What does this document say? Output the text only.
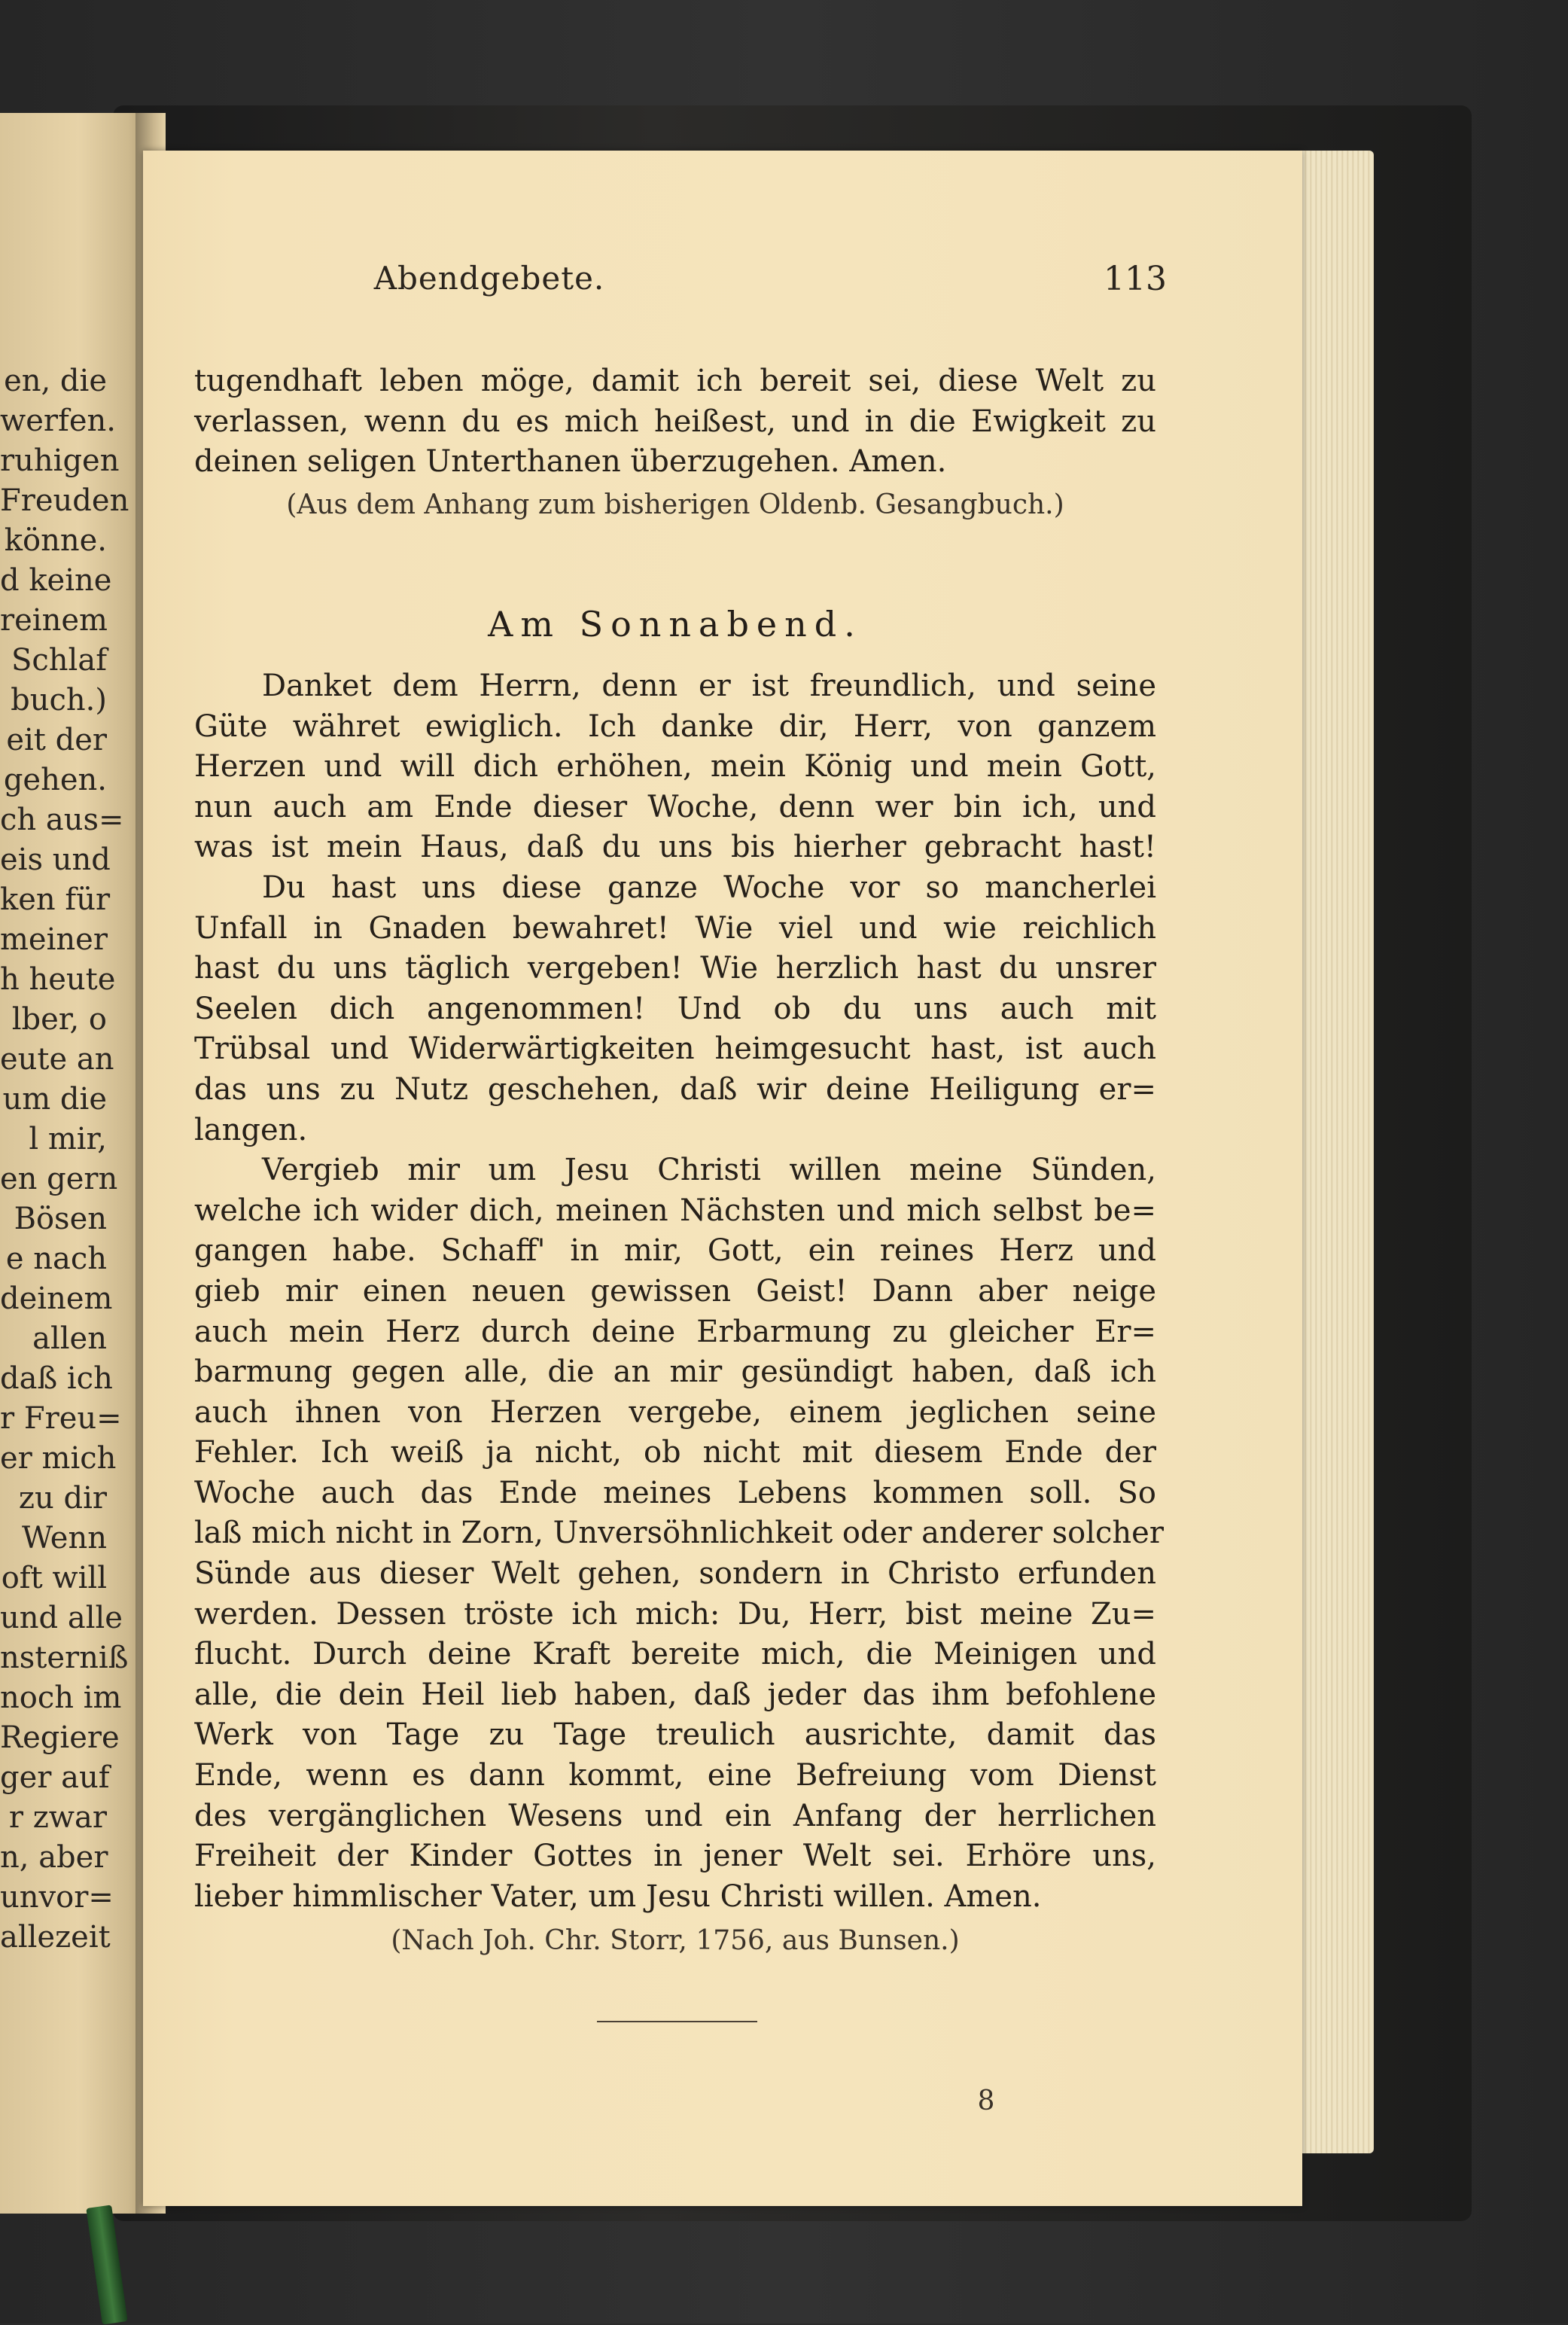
en, die
werfen.
ruhigen
Freuden
könne.
d keine
reinem
Schlaf
buch.)
eit der
gehen.
ch aus=
eis und
ken für
meiner
h heute
lber, o
eute an
um die
l mir,
en gern
Bösen
e nach
deinem
allen
daß ich
r Freu=
er mich
zu dir
Wenn
oft will
und alle
nsterniß
noch im
Regiere
ger auf
r zwar
n, aber
unvor=
allezeit
Abendgebete.	113
tugendhaft leben möge, damit ich bereit sei, diese Welt zu
verlassen, wenn du es mich heißest, und in die Ewigkeit zu
deinen seligen Unterthanen überzugehen. Amen.
(Aus dem Anhang zum bisherigen Oldenb. Gesangbuch.)
Am Sonnabend.
Danket dem Herrn, denn er ist freundlich, und seine
Güte währet ewiglich. Ich danke dir, Herr, von ganzem
Herzen und will dich erhöhen, mein König und mein Gott,
nun auch am Ende dieser Woche, denn wer bin ich, und
was ist mein Haus, daß du uns bis hierher gebracht hast!
Du hast uns diese ganze Woche vor so mancherlei
Unfall in Gnaden bewahret! Wie viel und wie reichlich
hast du uns täglich vergeben! Wie herzlich hast du unsrer
Seelen dich angenommen! Und ob du uns auch mit
Trübsal und Widerwärtigkeiten heimgesucht hast, ist auch
das uns zu Nutz geschehen, daß wir deine Heiligung er=
langen.
Vergieb mir um Jesu Christi willen meine Sünden,
welche ich wider dich, meinen Nächsten und mich selbst be=
gangen habe. Schaff' in mir, Gott, ein reines Herz und
gieb mir einen neuen gewissen Geist! Dann aber neige
auch mein Herz durch deine Erbarmung zu gleicher Er=
barmung gegen alle, die an mir gesündigt haben, daß ich
auch ihnen von Herzen vergebe, einem jeglichen seine
Fehler. Ich weiß ja nicht, ob nicht mit diesem Ende der
Woche auch das Ende meines Lebens kommen soll. So
laß mich nicht in Zorn, Unversöhnlichkeit oder anderer solcher
Sünde aus dieser Welt gehen, sondern in Christo erfunden
werden. Dessen tröste ich mich: Du, Herr, bist meine Zu=
flucht. Durch deine Kraft bereite mich, die Meinigen und
alle, die dein Heil lieb haben, daß jeder das ihm befohlene
Werk von Tage zu Tage treulich ausrichte, damit das
Ende, wenn es dann kommt, eine Befreiung vom Dienst
des vergänglichen Wesens und ein Anfang der herrlichen
Freiheit der Kinder Gottes in jener Welt sei. Erhöre uns,
lieber himmlischer Vater, um Jesu Christi willen. Amen.
(Nach Joh. Chr. Storr, 1756, aus Bunsen.)
8
